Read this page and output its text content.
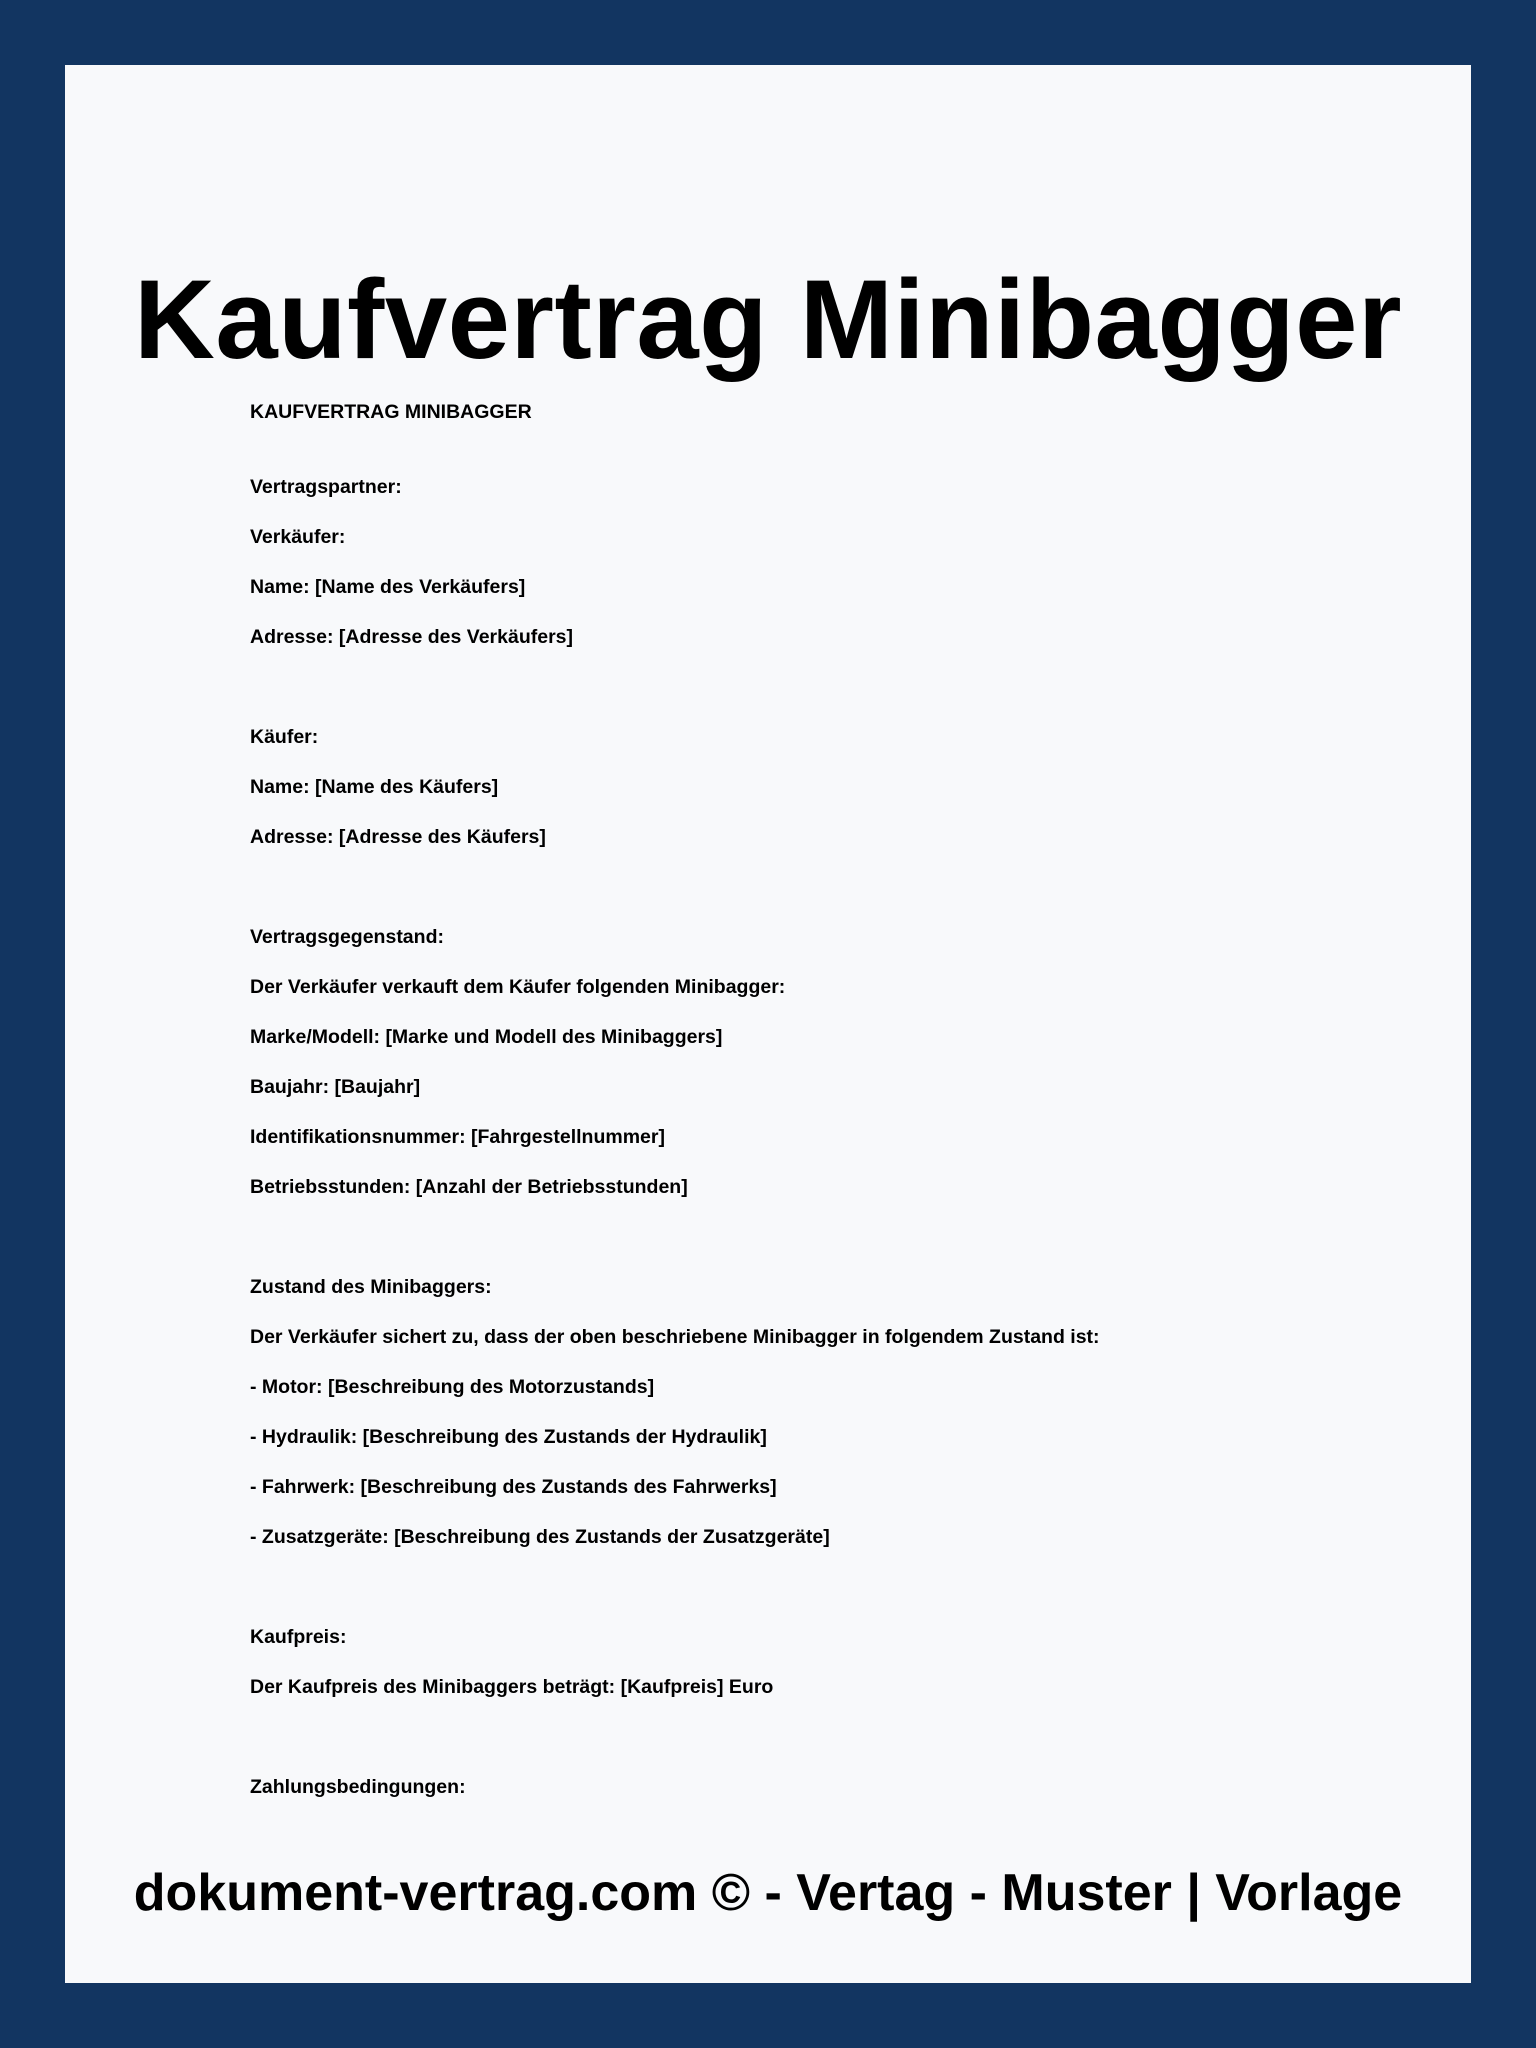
Kaufvertrag Minibagger
KAUFVERTRAG MINIBAGGER
Vertragspartner:
Verkäufer:
Name: [Name des Verkäufers]
Adresse: [Adresse des Verkäufers]
Käufer:
Name: [Name des Käufers]
Adresse: [Adresse des Käufers]
Vertragsgegenstand:
Der Verkäufer verkauft dem Käufer folgenden Minibagger:
Marke/Modell: [Marke und Modell des Minibaggers]
Baujahr: [Baujahr]
Identifikationsnummer: [Fahrgestellnummer]
Betriebsstunden: [Anzahl der Betriebsstunden]
Zustand des Minibaggers:
Der Verkäufer sichert zu, dass der oben beschriebene Minibagger in folgendem Zustand ist:
- Motor: [Beschreibung des Motorzustands]
- Hydraulik: [Beschreibung des Zustands der Hydraulik]
- Fahrwerk: [Beschreibung des Zustands des Fahrwerks]
- Zusatzgeräte: [Beschreibung des Zustands der Zusatzgeräte]
Kaufpreis:
Der Kaufpreis des Minibaggers beträgt: [Kaufpreis] Euro
Zahlungsbedingungen:
dokument-vertrag.com © - Vertag - Muster | Vorlage
